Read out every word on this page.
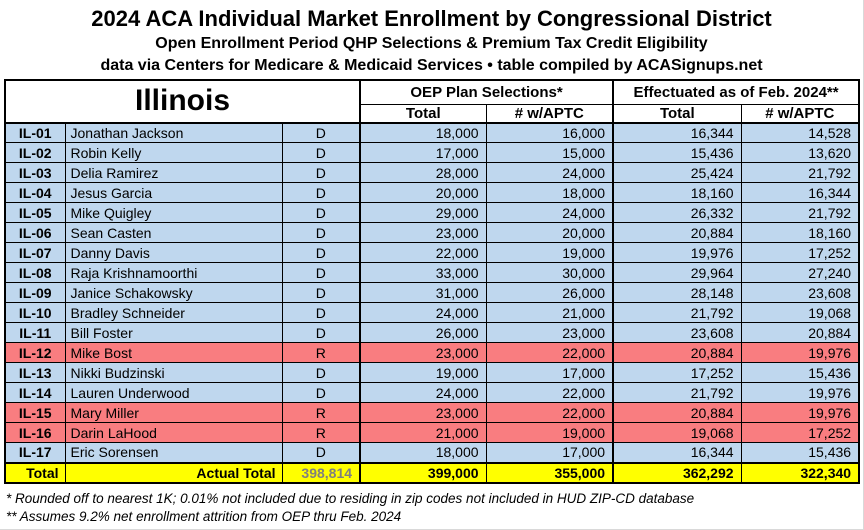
2024 ACA Individual Market Enrollment by Congressional District
Open Enrollment Period QHP Selections & Premium Tax Credit Eligibility
data via Centers for Medicare & Medicaid Services • table compiled by ACASignups.net
Illinois			OEP Plan Selections*		Effectuated as of Feb. 2024**	
			Total	# w/APTC	Total	# w/APTC
IL-01	Jonathan Jackson	D	18,000	16,000	16,344	14,528
IL-02	Robin Kelly	D	17,000	15,000	15,436	13,620
IL-03	Delia Ramirez	D	28,000	24,000	25,424	21,792
IL-04	Jesus Garcia	D	20,000	18,000	18,160	16,344
IL-05	Mike Quigley	D	29,000	24,000	26,332	21,792
IL-06	Sean Casten	D	23,000	20,000	20,884	18,160
IL-07	Danny Davis	D	22,000	19,000	19,976	17,252
IL-08	Raja Krishnamoorthi	D	33,000	30,000	29,964	27,240
IL-09	Janice Schakowsky	D	31,000	26,000	28,148	23,608
IL-10	Bradley Schneider	D	24,000	21,000	21,792	19,068
IL-11	Bill Foster	D	26,000	23,000	23,608	20,884
IL-12	Mike Bost	R	23,000	22,000	20,884	19,976
IL-13	Nikki Budzinski	D	19,000	17,000	17,252	15,436
IL-14	Lauren Underwood	D	24,000	22,000	21,792	19,976
IL-15	Mary Miller	R	23,000	22,000	20,884	19,976
IL-16	Darin LaHood	R	21,000	19,000	19,068	17,252
IL-17	Eric Sorensen	D	18,000	17,000	16,344	15,436
Total	Actual Total	398,814	399,000	355,000	362,292	322,340
* Rounded off to nearest 1K; 0.01% not included due to residing in zip codes not included in HUD ZIP-CD database
** Assumes 9.2% net enrollment attrition from OEP thru Feb. 2024
